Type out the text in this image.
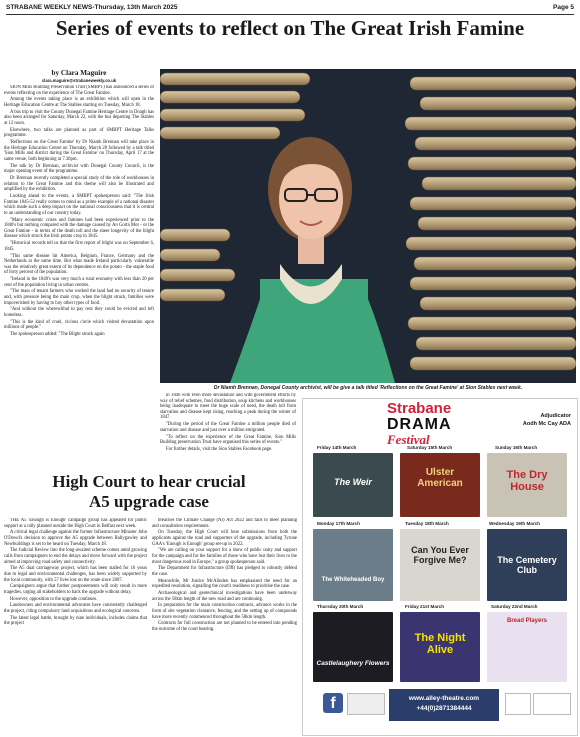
STRABANE WEEKLY NEWS-Thursday, 13th March 2025	Page 5
Series of events to reflect on The Great Irish Famine
by Clara Maguire
clara.maguire@strabaneweekly.co.uk

SION Mills Building Preservation Trust (SMBPT) has announced a series of events reflecting on the experience of The Great Famine.

Among the events taking place is an exhibition which will open in the Heritage Education Centre at The Stables starting on Tuesday, March 18.

A bus trip to visit the County Donegal Famine Heritage Centre in Doagh has also been arranged for Saturday, March 22, with the bus departing The Stables at 12 noon.

Elsewhere, two talks are planned as part of SMBPT Heritage Talks programme.

'Reflections on the Great Famine' by Dr Niamh Brennan will take place in the Heritage Education Centre on Thursday, March 20 followed by a talk titled 'Sion Mills and district during the Great Famine' on Thursday, April 17 at the same venue, both beginning at 7.30pm.

The talk by Dr Brennan, archivist with Donegal County Council, is the major opening event of the programme.

Dr Brennan recently completed a special study of the role of workhouses in relation to the Great Famine and this theme will also be illustrated and amplified by the exhibition.

Looking ahead to the events, a SMBPT spokesperson said: "The Irish Famine 1845-52 really comes to mind as a prime example of a national disaster which made such a deep impact on the national consciousness that it is central to an understanding of our country today.

"Many economic crises and famines had been experienced prior to the 1840's but nothing compared with the damage caused by An Gorta Mor - or the Great Famine - in terms of the death toll and the sheer longevity of the blight disease which struck the Irish potato crop in 1845.

"Historical records tell us that the first report of blight was on September 6, 1845.

"This same disease hit America, Belgium, France, Germany and the Netherlands at the same time. But what made Ireland particularly vulnerable was the relatively great extent of its dependence on the potato - the staple food of forty percent of the population.

"Ireland in the 1840's was very much a rural economy with less than 20 per cent of the population living in urban centres.

"The mass of tenant farmers who worked the land had no security of tenure and, with pressure being the main crop, when the blight struck, families were impoverished by having to buy other types of food.

"And without the wherewithal to pay rent they could be evicted and left homeless.

"This is the kind of cruel, vicious circle which visited devastation upon millions of people."

The spokesperson added: "The Blight struck again

Dr Niamh Brennan, Donegal County archivist, will be give a talk titled 'Reflections on the Great Famine' at Sion Stables next week.

in 1846 with even more devastation and with government efforts by way of relief schemes, food distribution, soup kitchens and workhouses being inadequate to meet the huge scale of need, the death toll from starvation and disease kept rising, reaching a peak during the winter of 1847.

"During the period of the Great Famine a million people died of starvation and disease and just over a million emigrated.

"To reflect on the experience of the Great Famine, Sion Mills Building preservation Trust have organised this series of events."

For further details, visit the Sion Stables Facebook page.

High Court to hear crucial
A5 upgrade case

THE A5 'Enough is Enough' campaign group has appealed for public support at a rally planned outside the High Court in Belfast next week.

A critical legal challenge against the former Infrastructure Minister John O'Dowd's decision to approve the A5 upgrade between Ballygawley and Newbuildings is set to be heard on Tuesday, March 18.

The Judicial Review into the long-awaited scheme comes amid growing calls from campaigners to end the delays and move forward with the project aimed at improving road safety and connectivity.

The A5 dual carriageway project, which has been stalled for 16 years due to legal and environmental challenges, has been widely supported by the local community, with 57 lives lost on the route since 2007.

Campaigners argue that further postponements will only result in more tragedies, urging all stakeholders to back the upgrade without delay.

However, opposition to the upgrade continues.

Landowners and environmental advocates have consistently challenged the project, citing compulsory land acquisitions and ecological concerns.

The latest legal battle, brought by nine individuals, includes claims that the project

breaches the Climate Change (NI) Act 2022 and fails to meet planning and consultation requirements.

On Tuesday, the High Court will hear submissions from both the applicants against the road and supporters of the upgrade, including Tyrone GAA's 'Enough is Enough' group set-up in 2022.

"We are calling on your support for a show of public unity and support for the campaign and for the families of those who have lost their lives to the most dangerous road in Europe," a group spokesperson said.

The Department for Infrastructure (DfI) has pledged to robustly defend the case.

Meanwhile, Mr Justice McAlinden has emphasised the need for an expedited resolution, signalling the court's readiness to prioritise the case.

Archaeological and geotechnical investigations have been underway across the 58km length of the new road and are continuing.

In preparation for the main construction contracts, advance works in the form of site vegetation clearance, fencing, and the setting up of compounds have more recently commenced throughout the 58km length.

Contracts for full construction are not planned to be entered into pending the outcome of the court hearing.

Strabane
DRAMA
Festival
Adjudicator
Aodh Mc Cay ADA
Friday 14th March	Saturday 15th March	Sunday 16th March
The Weir
Ulster American
The Dry House
Monday 17th March	Tuesday 18th March	Wednesday 19th March
The Whiteheaded Boy
Can You Ever Forgive Me?	The Cemetery Club
Thursday 20th March	Friday 21st March	Saturday 22nd March
Castlelaughery Flowers
The Night Alive
Bread Players
www.alley-theatre.com
+44(0)2871384444
f
